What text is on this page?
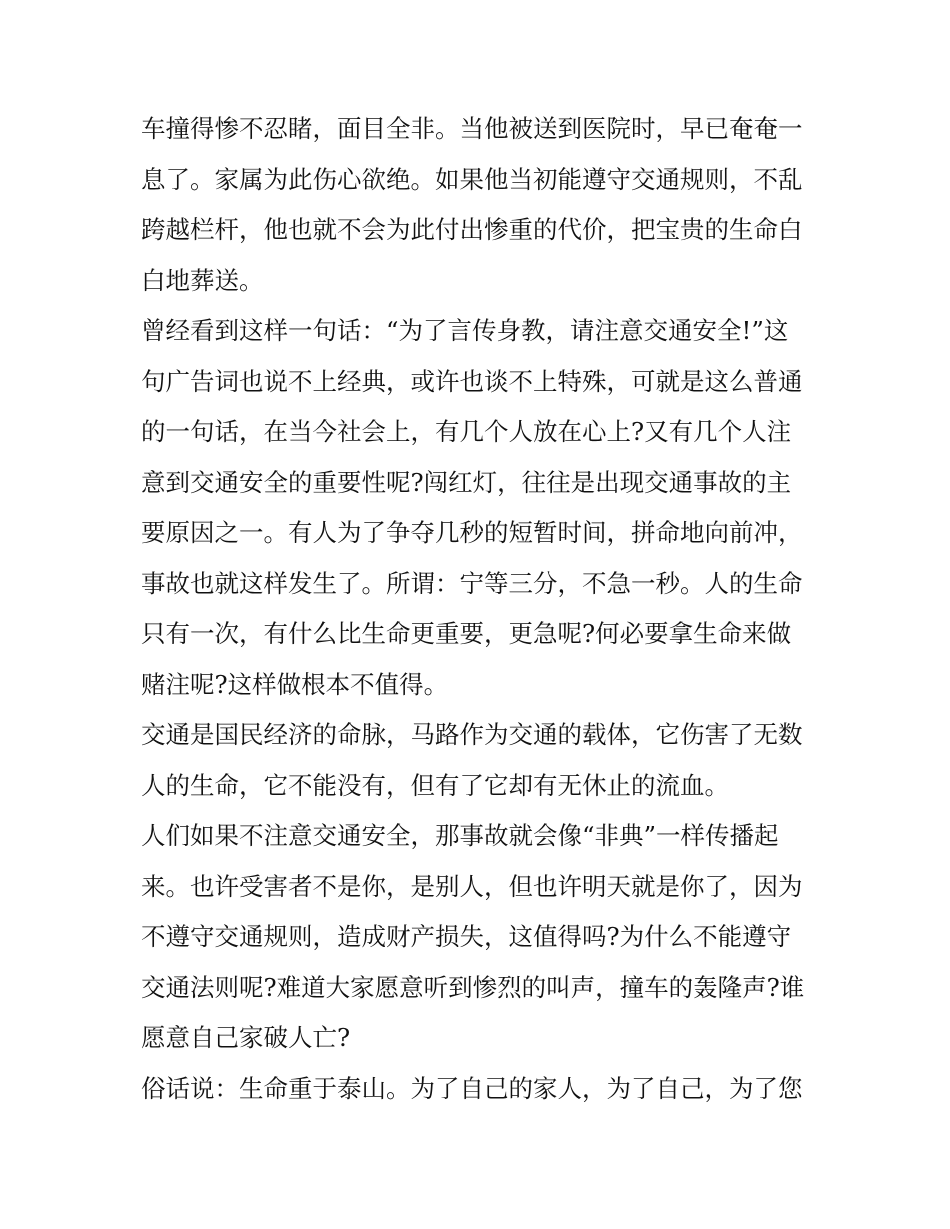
车撞得惨不忍睹，面目全非。当他被送到医院时，早已奄奄一
息了。家属为此伤心欲绝。如果他当初能遵守交通规则，不乱
跨越栏杆，他也就不会为此付出惨重的代价，把宝贵的生命白
白地葬送。
曾经看到这样一句话：“为了言传身教，请注意交通安全!”这
句广告词也说不上经典，或许也谈不上特殊，可就是这么普通
的一句话，在当今社会上，有几个人放在心上?又有几个人注
意到交通安全的重要性呢?闯红灯，往往是出现交通事故的主
要原因之一。有人为了争夺几秒的短暂时间，拼命地向前冲，
事故也就这样发生了。所谓：宁等三分，不急一秒。人的生命
只有一次，有什么比生命更重要，更急呢?何必要拿生命来做
赌注呢?这样做根本不值得。
交通是国民经济的命脉，马路作为交通的载体，它伤害了无数
人的生命，它不能没有，但有了它却有无休止的流血。
人们如果不注意交通安全，那事故就会像“非典”一样传播起
来。也许受害者不是你，是别人，但也许明天就是你了，因为
不遵守交通规则，造成财产损失，这值得吗?为什么不能遵守
交通法则呢?难道大家愿意听到惨烈的叫声，撞车的轰隆声?谁
愿意自己家破人亡?
俗话说：生命重于泰山。为了自己的家人，为了自己，为了您
